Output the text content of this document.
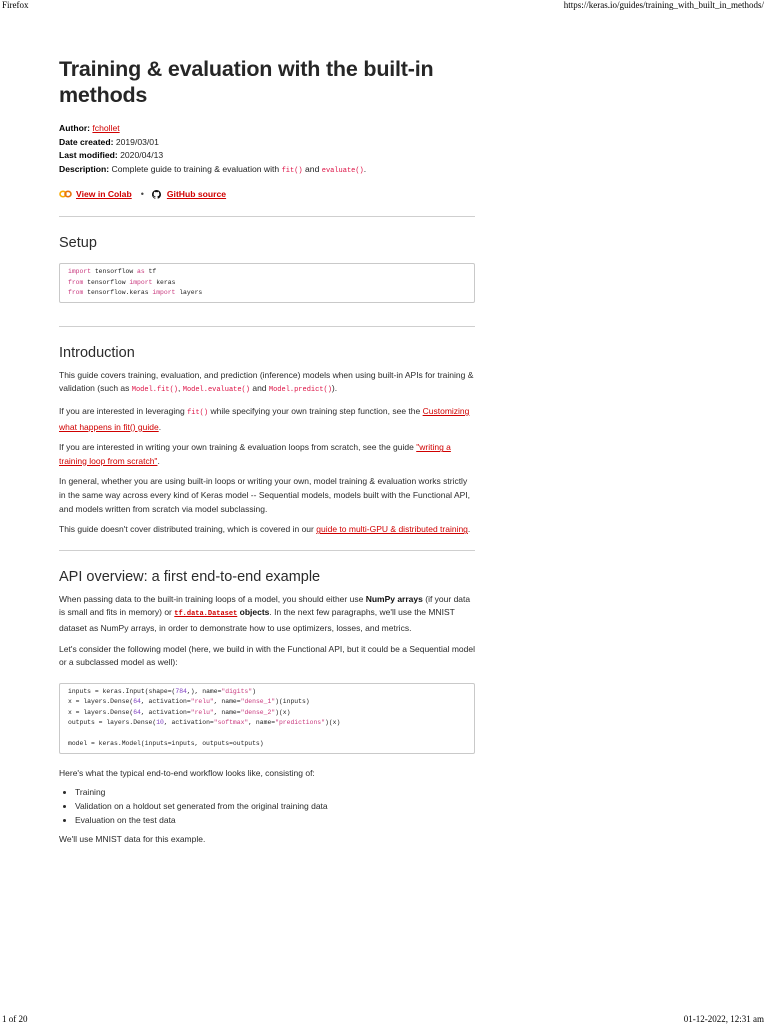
Firefox	https://keras.io/guides/training_with_built_in_methods/
Training & evaluation with the built-in methods
Author: fchollet
Date created: 2019/03/01
Last modified: 2020/04/13
Description: Complete guide to training & evaluation with fit() and evaluate().
View in Colab •	GitHub source
Setup
import tensorflow as tf
from tensorflow import keras
from tensorflow.keras import layers
Introduction

This guide covers training, evaluation, and prediction (inference) models when using built-in APIs for training & validation (such as Model.fit(), Model.evaluate() and Model.predict()).

If you are interested in leveraging fit() while specifying your own training step function, see the Customizing what happens in fit() guide.

If you are interested in writing your own training & evaluation loops from scratch, see the guide "writing a training loop from scratch".

In general, whether you are using built-in loops or writing your own, model training & evaluation works strictly in the same way across every kind of Keras model -- Sequential models, models built with the Functional API, and models written from scratch via model subclassing.

This guide doesn't cover distributed training, which is covered in our guide to multi-GPU & distributed training.

API overview: a first end-to-end example

When passing data to the built-in training loops of a model, you should either use NumPy arrays (if your data is small and fits in memory) or tf.data.Dataset objects. In the next few paragraphs, we'll use the MNIST dataset as NumPy arrays, in order to demonstrate how to use optimizers, losses, and metrics.

Let's consider the following model (here, we build in with the Functional API, but it could be a Sequential model or a subclassed model as well):

inputs = keras.Input(shape=(784,), name="digits")
x = layers.Dense(64, activation="relu", name="dense_1")(inputs)
x = layers.Dense(64, activation="relu", name="dense_2")(x)
outputs = layers.Dense(10, activation="softmax", name="predictions")(x)

model = keras.Model(inputs=inputs, outputs=outputs)

Here's what the typical end-to-end workflow looks like, consisting of:

• Training
• Validation on a holdout set generated from the original training data
• Evaluation on the test data

We'll use MNIST data for this example.

1 of 20	01-12-2022, 12:31 am
